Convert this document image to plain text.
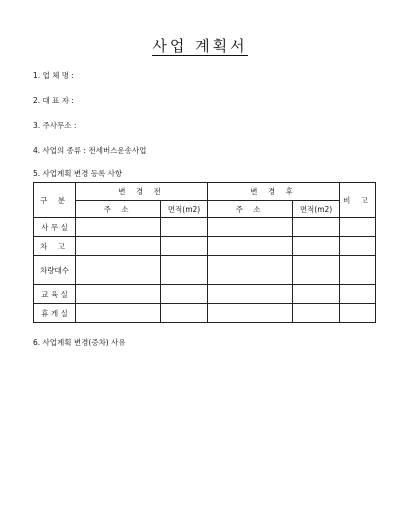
사업 계획서
1. 업 체 명 :
2. 대 표 자 :
3. 주사무소 :
4. 사업의 종류 : 전세버스운송사업
5. 사업계획 변경 등록 사항
구 분	변 경 전		변 경 후		비 고
	주 소	면적(m2)	주 소	면적(m2)	
사 무 실					
차 고					
차량대수					
교 육 실					
휴 게 실					
6. 사업계획 변경(증차) 사유
